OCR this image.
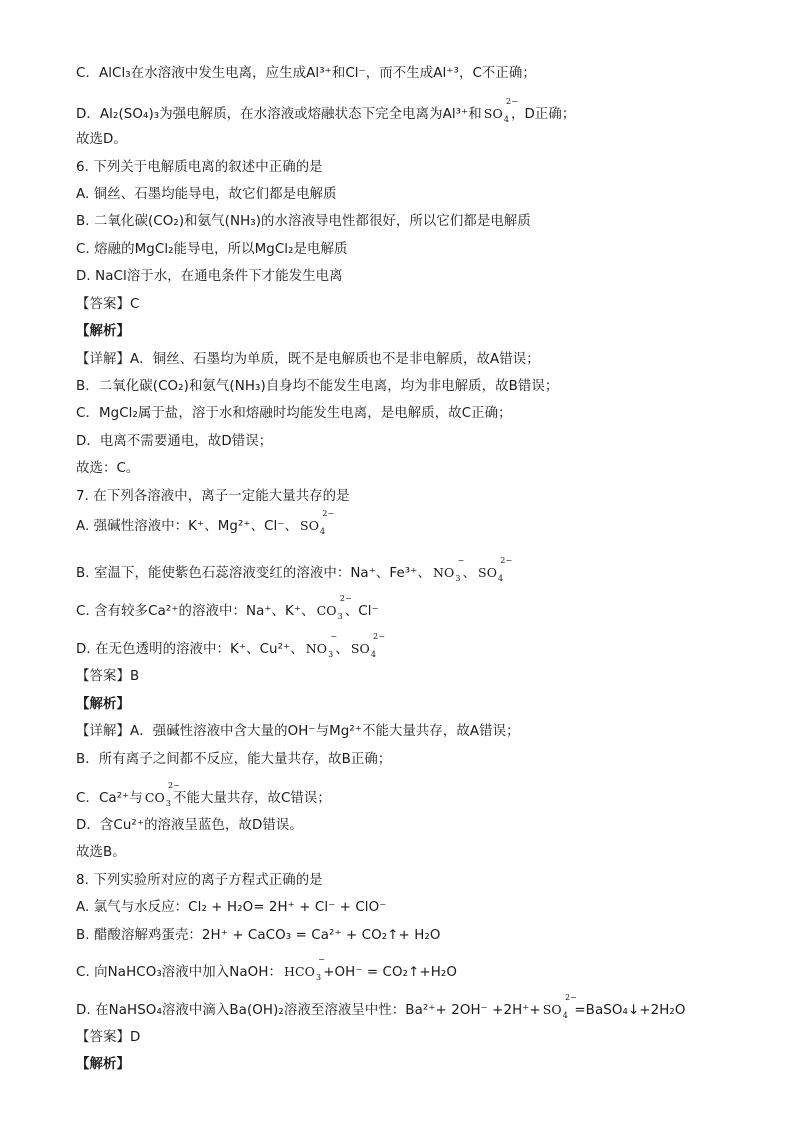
C．AlCl₃在水溶液中发生电离，应生成Al³⁺和Cl⁻，而不生成Al⁺³，C不正确；
D．Al₂(SO₄)₃为强电解质，在水溶液或熔融状态下完全电离为Al³⁺和 $SO_4$
2−
，D正确；
故选D。
6. 下列关于电解质电离的叙述中正确的是
A. 铜丝、石墨均能导电，故它们都是电解质
B. 二氧化碳(CO₂)和氨气(NH₃)的水溶液导电性都很好，所以它们都是电解质
C. 熔融的MgCl₂能导电，所以MgCl₂是电解质
D. NaCl溶于水，在通电条件下才能发生电离
【答案】C
【解析】
【详解】A．铜丝、石墨均为单质，既不是电解质也不是非电解质，故A错误；
B．二氧化碳(CO₂)和氨气(NH₃)自身均不能发生电离，均为非电解质，故B错误；
C．MgCl₂属于盐，溶于水和熔融时均能发生电离，是电解质，故C正确；
D．电离不需要通电，故D错误；
故选：C。
7. 在下列各溶液中，离子一定能大量共存的是
A. 强碱性溶液中：K⁺、Mg²⁺、Cl⁻、 $SO_4$
2−
B. 室温下，能使紫色石蕊溶液变红的溶液中：Na⁺、Fe³⁺、 $NO_3$
−
、 $SO_4$
2−
C. 含有较多Ca²⁺的溶液中：Na⁺、K⁺、 $CO_3$
2−
、Cl⁻
D. 在无色透明的溶液中：K⁺、Cu²⁺、 $NO_3$
−
、 $SO_4$
2−
【答案】B
【解析】
【详解】A．强碱性溶液中含大量的OH⁻与Mg²⁺不能大量共存，故A错误；
B．所有离子之间都不反应，能大量共存，故B正确；
C．Ca²⁺与 $CO_3$
2−
不能大量共存，故C错误；
D．含Cu²⁺的溶液呈蓝色，故D错误。
故选B。
8. 下列实验所对应的离子方程式正确的是
A. 氯气与水反应：Cl₂ + H₂O= 2H⁺ + Cl⁻ + ClO⁻
B. 醋酸溶解鸡蛋壳：2H⁺ + CaCO₃ = Ca²⁺ + CO₂↑+ H₂O
C. 向NaHCO₃溶液中加入NaOH： $HCO_3$
−
+OH⁻ = CO₂↑+H₂O
D. 在NaHSO₄溶液中滴入Ba(OH)₂溶液至溶液呈中性：$Ba^{2+}+ 2OH^- +2H^++ SO_4$
2−
=BaSO₄↓+2H₂O
【答案】D
【解析】
